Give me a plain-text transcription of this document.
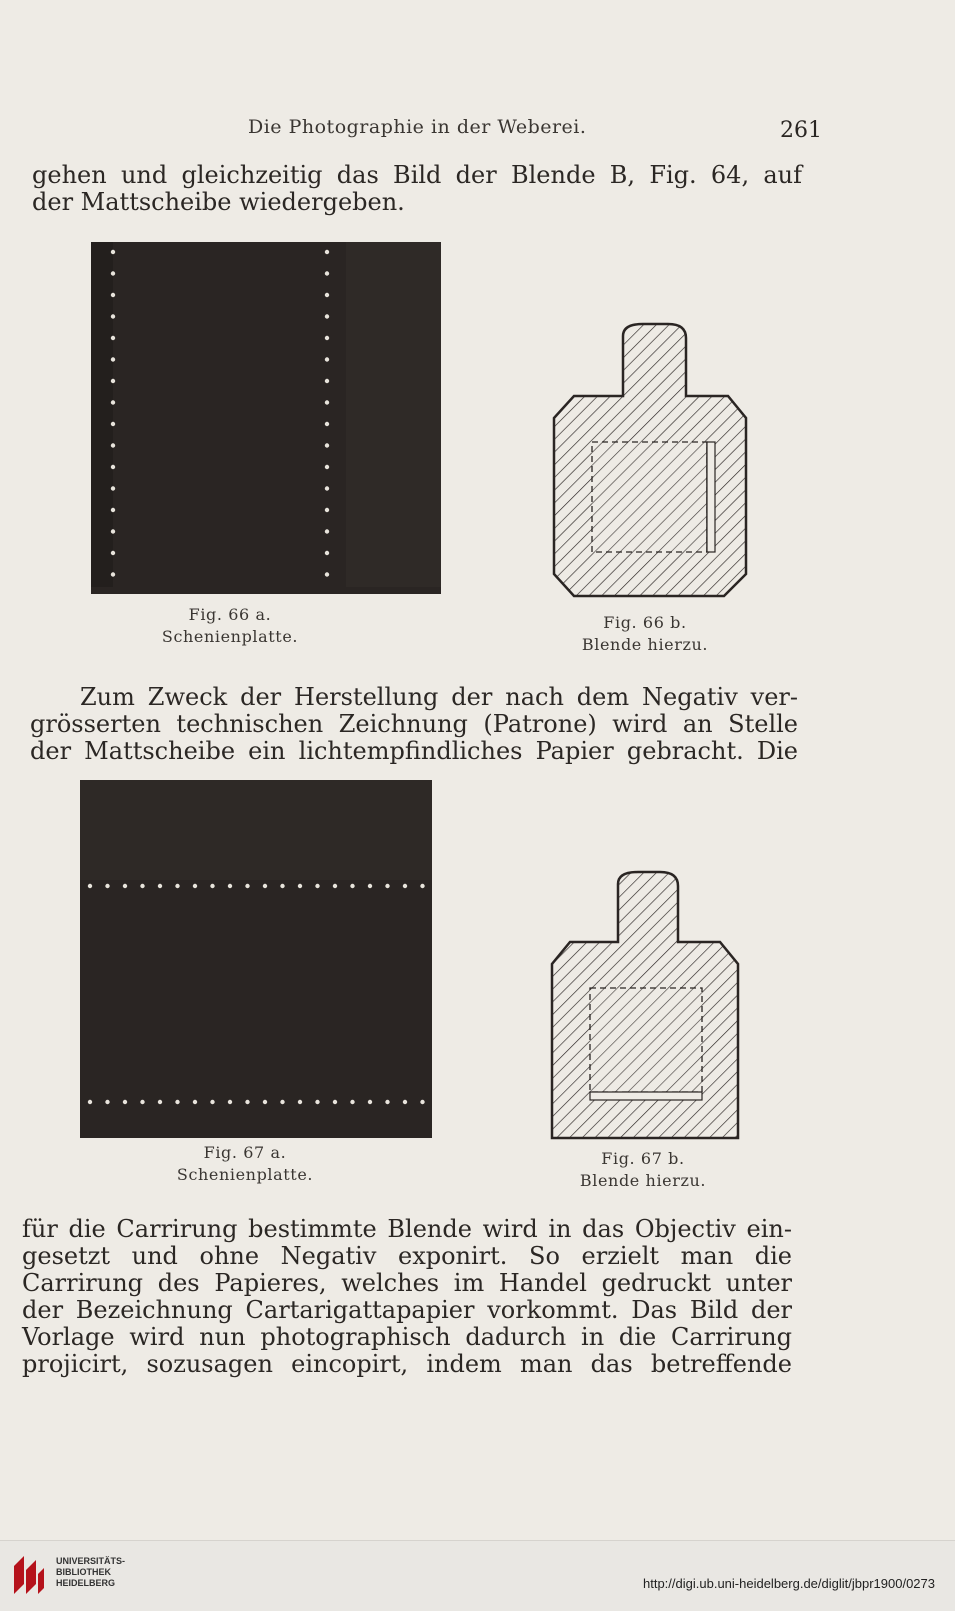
Die Photographie in der Weberei.	261
gehen und gleichzeitig das Bild der Blende B, Fig. 64, auf
der Mattscheibe wiedergeben.
Fig. 66 a.
Schenienplatte.
Fig. 66 b.
Blende hierzu.
Zum Zweck der Herstellung der nach dem Negativ ver-
grösserten technischen Zeichnung (Patrone) wird an Stelle
der Mattscheibe ein lichtempfindliches Papier gebracht. Die
Fig. 67 a.
Schenienplatte.
Fig. 67 b.
Blende hierzu.
für die Carrirung bestimmte Blende wird in das Objectiv ein-
gesetzt und ohne Negativ exponirt. So erzielt man die
Carrirung des Papieres, welches im Handel gedruckt unter
der Bezeichnung Cartarigattapapier vorkommt. Das Bild der
Vorlage wird nun photographisch dadurch in die Carrirung
projicirt, sozusagen eincopirt, indem man das betreffende
UNIVERSITÄTS-
BIBLIOTHEK
HEIDELBERG	http://digi.ub.uni-heidelberg.de/diglit/jbpr1900/0273
